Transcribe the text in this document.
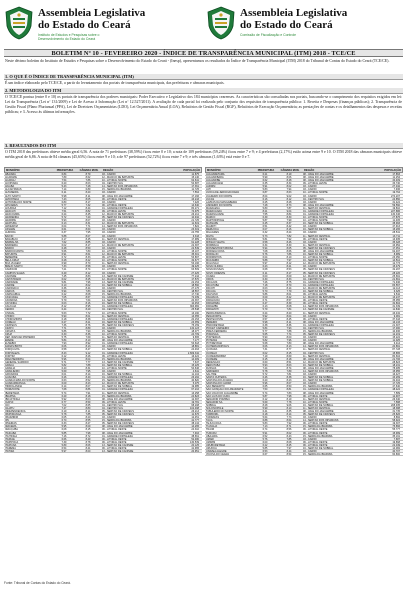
Assembleia Legislativa
do Estado do Ceará
Instituto de Estudos e Pesquisas sobre o
Desenvolvimento do Estado do Ceará
Assembleia Legislativa
do Estado do Ceará
Comissão de Fiscalização e Controle
BOLETIM Nº 10 - FEVEREIRO 2020 - ÍNDICE DE TRANSPARÊNCIA MUNICIPAL (ITM) 2018 - TCE/CE
Neste décimo boletim do Instituto de Estudos e Pesquisas sobre o Desenvolvimento do Estado do Ceará - (Inesp), apresentamos os resultados do Índice de Transparência Municipal (ITM) 2018 do Tribunal de Contas do Estado do Ceará (TCE/CE).
1. O QUE É O ÍNDICE DE TRANSPARÊNCIA MUNICIPAL (ITM)
É um índice elaborado pelo TCE/CE, a partir do levantamento dos portais de transparência municipais, das prefeituras e câmaras municipais.
2. METODOLOGIA DO ITM
O TCE/CE pontua (entre 0 e 10) os portais de transparência dos poderes municipais: Poder Executivo e Legislativo dos 184 municípios cearenses. As características são consultadas nos portais, buscando-se o cumprimento dos requisitos exigidos em lei: Lei da Transparência (Lei nº 131/2009) e Lei de Acesso à Informação (Lei nº 12.527/2011). A avaliação de cada portal foi realizada pelo conjunto dos requisitos de transparência pública: 1. Receita e Despesas (finanças públicas); 2. Transparência de Gestão Fiscal (Plano Plurianual (PPA), Lei de Diretrizes Orçamentárias (LDO), Lei Orçamentária Anual (LOA), Relatórios de Gestão Fiscal (RGF), Relatórios de Execução Orçamentária; as prestações de contas e os detalhamentos das despesas e receitas públicas; e 3. Acesso às últimas informações.
3. RESULTADOS DO ITM
O ITM 2018 das prefeituras obteve média geral 6,56. A nota de 71 prefeituras (38,59%) ficou entre 0 e 10; a nota de 109 prefeituras (59,24%) ficou entre 7 e 9; e 4 prefeituras (2,17%) estão acima entre 9 e 10. O ITM 2018 das câmaras municipais obteve média geral de 6,86. A nota de 84 câmaras (45,65%) ficou entre 9 e 10; a de 97 prefeituras (52,72%) ficou entre 7 e 9; e três câmaras (1,63%) está entre 0 e 7.
MUNICÍPIO	PREFEITURA	CÂMARA MUN.	REGIÃO	POPULAÇÃO
ABAIARA	6,84	8,79	03 - CARIRI	11.875
ACARAPE	7,89	8,62	12 - MACIÇO DE BATURITÉ	15.140
ACARAÚ	7,54	7,86	10 - LITORAL NORTE	62.641
ACOPIARA	6,20	8,03	04 - CENTRO SUL	54.687
AIUABA	5,43	7,28	14 - SERTÃO DOS INHAMUNS	17.361
ALCÂNTARAS	7,14	6,89	15 - SERRA DA IBIAPABA	11.725
ALTANEIRA	6,11	8,20	03 - CARIRI	7.564
ALTO SANTO	5,98	8,11	08 - VALE DO JAGUARIBE	17.166
AMONTADA	7,43	8,05	06 - LITORAL OESTE	43.243
ANTONINA DO NORTE	6,80	8,17	03 - CARIRI	7.426
APUIARÉS	5,77	7,32	06 - LITORAL OESTE	14.640
AQUIRAZ	7,12	8,44	01 - GRANDE FORTALEZA	80.271
ARACATI	7,51	8,82	09 - LITORAL LESTE	74.975
ARACOIABA	6,24	8,45	12 - MACIÇO DE BATURITÉ	26.212
ARARENDÁ	5,72	7,20	05 - SERTÃO DE CRATEÚS	10.942
ARARIPE	5,93	8,07	03 - CARIRI	21.725
ARATUBA	6,13	8,31	12 - MACIÇO DE BATURITÉ	11.619
ARNEIROZ	6,04	7,71	14 - SERTÃO DOS INHAMUNS	7.822
ASSARÉ	6,61	8,60	03 - CARIRI	23.319
AURORA	6,37	7,95	03 - CARIRI	24.755
BAIXIO	5,88	8,07	03 - CARIRI	6.343
BANABUIÚ	6,17	8,45	11 - SERTÃO CENTRAL	17.989
BARBALHA	7,62	8,85	03 - CARIRI	61.228
BARREIRA	6,02	8,17	12 - MACIÇO DE BATURITÉ	22.397
BARRO	6,48	8,50	03 - CARIRI	22.549
BARROQUINHA	5,66	7,80	10 - LITORAL NORTE	15.107
BATURITÉ	6,91	8,61	12 - MACIÇO DE BATURITÉ	35.301
BEBERIBE	6,72	8,33	09 - LITORAL LESTE	53.897
BELA CRUZ	6,28	8,22	10 - LITORAL NORTE	32.677
BOA VIAGEM	6,99	8,70	11 - SERTÃO CENTRAL	53.196
BREJO SANTO	7,33	8,58	03 - CARIRI	49.425
CAMOCIM	7,21	8,74	10 - LITORAL NORTE	63.509
CAMPOS SALES	6,49	8,12	03 - CARIRI	27.425
CANINDÉ	7,45	8,83	13 - SERTÃO DE CANINDÉ	77.244
CAPISTRANO	6,02	8,25	12 - MACIÇO DE BATURITÉ	17.570
CARIDADE	5,81	7,96	13 - SERTÃO DE CANINDÉ	22.154
CARIRÉ	6,10	8,02	16 - SERTÃO DE SOBRAL	18.560
CARIRIAÇU	6,36	8,44	03 - CARIRI	27.176
CARIÚS	5,94	7,83	04 - CENTRO SUL	18.567
CARNAUBAL	6,22	8,08	15 - SERRA DA IBIAPABA	17.740
CASCAVEL	7,05	8,67	01 - GRANDE FORTALEZA	72.039
CATARINA	5,79	7,64	14 - SERTÃO DOS INHAMUNS	20.367
CATUNDA	6,03	8,16	16 - SERTÃO DE SOBRAL	10.453
CAUCAIA	8,12	8,95	01 - GRANDE FORTALEZA	363.982
CEDRO	6,44	8,29	04 - CENTRO SUL	25.548
CHAVAL	5,63	7,72	10 - LITORAL NORTE	13.190
CHORÓ	5,90	8,01	11 - SERTÃO CENTRAL	13.355
CHOROZINHO	6,18	8,38	01 - GRANDE FORTALEZA	20.153
COREAÚ	6,27	8,21	16 - SERTÃO DE SOBRAL	23.359
CRATEÚS	7,36	8,76	05 - SERTÃO DE CRATEÚS	75.159
CRATO	7,71	8,89	03 - CARIRI	132.123
CROATÁ	5,86	7,90	15 - SERRA DA IBIAPABA	18.077
CRUZ	6,30	8,36	10 - LITORAL NORTE	24.709
DEP. IRAPUAN PINHEIRO	5,75	7,69	11 - SERTÃO CENTRAL	9.665
ERERÊ	5,84	8,10	08 - VALE DO JAGUARIBE	7.177
EUSÉBIO	7,93	8,92	01 - GRANDE FORTALEZA	53.618
FARIAS BRITO	6,06	8,13	03 - CARIRI	18.881
FORQUILHA	6,58	8,47	16 - SERTÃO DE SOBRAL	24.463
FORTALEZA	8,43	9,12	01 - GRANDE FORTALEZA	2.669.342
FORTIM	6,12	8,26	09 - LITORAL LESTE	16.422
FRECHEIRINHA	5,96	8,04	15 - SERRA DA IBIAPABA	14.009
GENERAL SAMPAIO	5,71	7,77	13 - SERTÃO DE CANINDÉ	7.647
GRAÇA	5,82	7,88	16 - SERTÃO DE SOBRAL	15.225
GRANJA	6,40	8,31	10 - LITORAL NORTE	54.646
GRANJEIRO	5,69	7,95	03 - CARIRI	4.641
GROAÍRAS	6,01	8,14	16 - SERTÃO DE SOBRAL	11.104
GUAIÚBA	6,26	8,40	01 - GRANDE FORTALEZA	26.292
GUARACIABA DO NORTE	6,63	8,52	15 - SERRA DA IBIAPABA	40.820
GUARAMIRANGA	6,09	8,23	12 - MACIÇO DE BATURITÉ	5.075
HIDROLÂNDIA	6,14	8,07	16 - SERTÃO DE SOBRAL	19.985
HORIZONTE	7,68	8,86	01 - GRANDE FORTALEZA	67.216
IBARETAMA	5,74	7,91	11 - SERTÃO CENTRAL	13.258
IBIAPINA	6,29	8,18	15 - SERRA DA IBIAPABA	24.823
IBICUITINGA	5,92	8,03	08 - VALE DO JAGUARIBE	12.397
ICAPUÍ	6,77	8,59	09 - LITORAL LESTE	19.781
ICÓ	7,02	8,65	04 - CENTRO SUL	68.208
IGUATU	7,47	8,80	04 - CENTRO SUL	102.498
INDEPENDÊNCIA	6,19	8,11	05 - SERTÃO DE CRATEÚS	26.213
IPAPORANGA	5,78	7,85	05 - SERTÃO DE CRATEÚS	11.676
IPAUMIRIM	6,05	8,20	03 - CARIRI	12.451
IPU	6,70	8,55	15 - SERRA DA IBIAPABA	41.777
IPUEIRAS	6,33	8,27	05 - SERTÃO DE CRATEÚS	38.134
IRACEMA	5,95	8,09	08 - VALE DO JAGUARIBE	14.265
IRAUÇUBA	6,08	8,15	06 - LITORAL OESTE	24.310
ITAIÇABA	5,85	7,98	08 - VALE DO JAGUARIBE	7.916
ITAITINGA	7,16	8,72	01 - GRANDE FORTALEZA	38.661
ITAPAJÉ	6,66	8,49	06 - LITORAL OESTE	52.480
ITAPIPOCA	7,39	8,78	06 - LITORAL OESTE	130.539
ITAPIÚNA	5,89	8,06	13 - SERTÃO DE CANINDÉ	20.125
ITAREMA	6,54	8,41	06 - LITORAL OESTE	41.965
ITATIRA	5,97	8,00	13 - SERTÃO DE CANINDÉ	20.951
MUNICÍPIO	PREFEITURA	CÂMARA MUN.	REGIÃO	POPULAÇÃO
JAGUARETAMA	6,21	8,19	08 - VALE DO JAGUARIBE	17.863
JAGUARIBARA	5,99	8,06	08 - VALE DO JAGUARIBE	11.254
JAGUARIBE	6,62	8,48	08 - VALE DO JAGUARIBE	34.409
JAGUARUANA	6,35	8,34	09 - LITORAL LESTE	33.740
JARDIM	5,91	8,02	03 - CARIRI	27.042
JATI	5,83	7,94	03 - CARIRI	7.936
JIJOCA DE JERICOACOARA	6,87	8,63	10 - LITORAL NORTE	19.764
JUAZEIRO DO NORTE	8,04	9,02	03 - CARIRI	274.207
JUCÁS	6,16	8,12	04 - CENTRO SUL	24.850
LAVRAS DA MANGABEIRA	6,25	8,28	03 - CARIRI	31.422
LIMOEIRO DO NORTE	7,28	8,73	08 - VALE DO JAGUARIBE	59.560
MADALENA	5,80	7,87	11 - SERTÃO CENTRAL	19.810
MARACANAÚ	8,21	9,04	01 - GRANDE FORTALEZA	227.886
MARANGUAPE	7,55	8,84	01 - GRANDE FORTALEZA	130.346
MARCO	6,39	8,30	10 - LITORAL NORTE	27.876
MARTINÓPOLE	5,87	7,99	10 - LITORAL NORTE	11.405
MASSAPÊ	6,45	8,37	16 - SERTÃO DE SOBRAL	38.993
MAURITI	6,51	8,42	03 - CARIRI	47.913
MERUOCA	6,07	8,16	16 - SERTÃO DE SOBRAL	15.265
MILAGRES	6,32	8,24	03 - CARIRI	28.541
MILHÃ	5,73	7,82	11 - SERTÃO CENTRAL	13.711
MIRAÍMA	5,81	7,92	06 - LITORAL OESTE	13.935
MISSÃO VELHA	6,58	8,46	03 - CARIRI	35.328
MOMBAÇA	6,34	8,30	11 - SERTÃO CENTRAL	43.952
MONSENHOR TABOSA	5,94	8,05	05 - SERTÃO DE CRATEÚS	17.051
MORADA NOVA	7,08	8,66	08 - VALE DO JAGUARIBE	62.497
MORAÚJO	5,76	7,86	16 - SERTÃO DE SOBRAL	8.989
MORRINHOS	6,04	8,10	10 - LITORAL NORTE	23.050
MUCAMBO	5,88	7,97	16 - SERTÃO DE SOBRAL	14.512
MULUNGU	5,97	8,12	12 - MACIÇO DE BATURITÉ	12.773
NOVA OLINDA	6,23	8,21	03 - CARIRI	15.479
NOVA RUSSAS	6,68	8,53	05 - SERTÃO DE CRATEÚS	32.297
NOVO ORIENTE	6,11	8,17	05 - SERTÃO DE CRATEÚS	28.226
OCARA	6,00	8,09	12 - MACIÇO DE BATURITÉ	25.691
ORÓS	6,30	8,33	04 - CENTRO SUL	21.661
PACAJUS	7,26	8,75	01 - GRANDE FORTALEZA	71.946
PACATUBA	7,18	8,70	01 - GRANDE FORTALEZA	83.567
PACOTI	6,03	8,14	12 - MACIÇO DE BATURITÉ	12.113
PACUJÁ	5,70	7,79	16 - SERTÃO DE SOBRAL	6.325
PALHANO	5,86	8,01	09 - LITORAL LESTE	9.542
PALMÁCIA	6,09	8,22	12 - MACIÇO DE BATURITÉ	13.247
PARACURU	6,71	8,57	06 - LITORAL OESTE	35.055
PARAIPABA	6,47	8,39	06 - LITORAL OESTE	32.804
PARAMBU	6,13	8,08	14 - SERTÃO DOS INHAMUNS	31.339
PARAMOTI	5,79	7,84	13 - SERTÃO DE CANINDÉ	11.840
PEDRA BRANCA	6,24	8,20	11 - SERTÃO CENTRAL	43.432
PENAFORTE	5,92	8,04	03 - CARIRI	9.081
PENTECOSTE	6,57	8,45	06 - LITORAL OESTE	37.343
PEREIRO	5,98	8,11	08 - VALE DO JAGUARIBE	16.133
PINDORETAMA	6,38	8,36	01 - GRANDE FORTALEZA	21.307
PIQUET CARNEIRO	5,84	7,93	04 - CENTRO SUL	17.000
PIRES FERREIRA	5,77	7,88	15 - SERRA DA IBIAPABA	10.936
PORANGA	5,65	7,74	05 - SERTÃO DE CRATEÚS	12.219
PORTEIRAS	5,90	8,00	03 - CARIRI	15.222
POTENGI	5,82	7,96	03 - CARIRI	11.025
POTIRETAMA	5,68	7,80	08 - VALE DO JAGUARIBE	6.414
QUITERIANÓPOLIS	6,06	8,13	14 - SERTÃO DOS INHAMUNS	20.891
QUIXADÁ	7,31	8,77	11 - SERTÃO CENTRAL	87.728
QUIXELÔ	6,02	8,15	04 - CENTRO SUL	15.865
QUIXERAMOBIM	7,19	8,69	11 - SERTÃO CENTRAL	80.604
QUIXERÉ	6,15	8,18	08 - VALE DO JAGUARIBE	21.706
REDENÇÃO	6,60	8,51	12 - MACIÇO DE BATURITÉ	28.823
RERIUTABA	5,93	8,03	16 - SERTÃO DE SOBRAL	18.231
RUSSAS	7,24	8,74	08 - VALE DO JAGUARIBE	78.485
SABOEIRO	5,78	7,89	14 - SERTÃO DOS INHAMUNS	15.955
SALITRE	5,72	7,81	03 - CARIRI	16.427
SANTA QUITÉRIA	6,46	8,38	16 - SERTÃO DE SOBRAL	43.269
SANTANA DO ACARAÚ	6,20	8,23	16 - SERTÃO DE SOBRAL	32.404
SANTANA DO CARIRI	5,96	8,07	03 - CARIRI	17.725
SÃO BENEDITO	6,65	8,50	15 - SERRA DA IBIAPABA	47.640
SÃO GONÇALO DO AMARANTE	7,50	8,81	01 - GRANDE FORTALEZA	48.422
SÃO JOÃO DO JAGUARIBE	5,74	7,83	08 - VALE DO JAGUARIBE	7.589
SÃO LUÍS DO CURU	5,87	7,98	06 - LITORAL OESTE	12.907
SENADOR POMPEU	6,12	8,19	11 - SERTÃO CENTRAL	26.340
SENADOR SÁ	5,69	7,78	10 - LITORAL NORTE	7.588
SOBRAL	8,28	9,06	16 - SERTÃO DE SOBRAL	208.935
SOLONÓPOLE	5,99	8,10	11 - SERTÃO CENTRAL	18.388
TABULEIRO DO NORTE	6,41	8,35	08 - VALE DO JAGUARIBE	31.735
TAMBORIL	6,18	8,14	05 - SERTÃO DE CRATEÚS	25.826
TARRAFAS	5,64	7,73	03 - CARIRI	8.892
TAUÁ	6,88	8,64	14 - SERTÃO DOS INHAMUNS	58.924
TEJUÇUOCA	5,83	7,92	06 - LITORAL OESTE	19.307
TIANGUÁ	7,13	8,71	15 - SERRA DA IBIAPABA	75.866
TRAIRI	6,74	8,56	06 - LITORAL OESTE	55.777
TURURU	5,91	8,02	06 - LITORAL OESTE	15.999
UBAJARA	6,52	8,43	15 - SERRA DA IBIAPABA	35.191
UMARI	5,76	7,85	03 - CARIRI	7.687
UMIRIM	6,00	8,08	06 - LITORAL OESTE	19.868
URUBURETAMA	6,22	8,25	06 - LITORAL OESTE	22.049
URUOCA	5,85	7,97	16 - SERTÃO DE SOBRAL	14.082
VÁRZEA ALEGRE	6,53	8,44	03 - CARIRI	40.707
VIÇOSA DO CEARÁ	6,67	8,54	15 - SERRA DA IBIAPABA	60.800
Fonte: Tribunal de Contas do Estado do Ceará.
